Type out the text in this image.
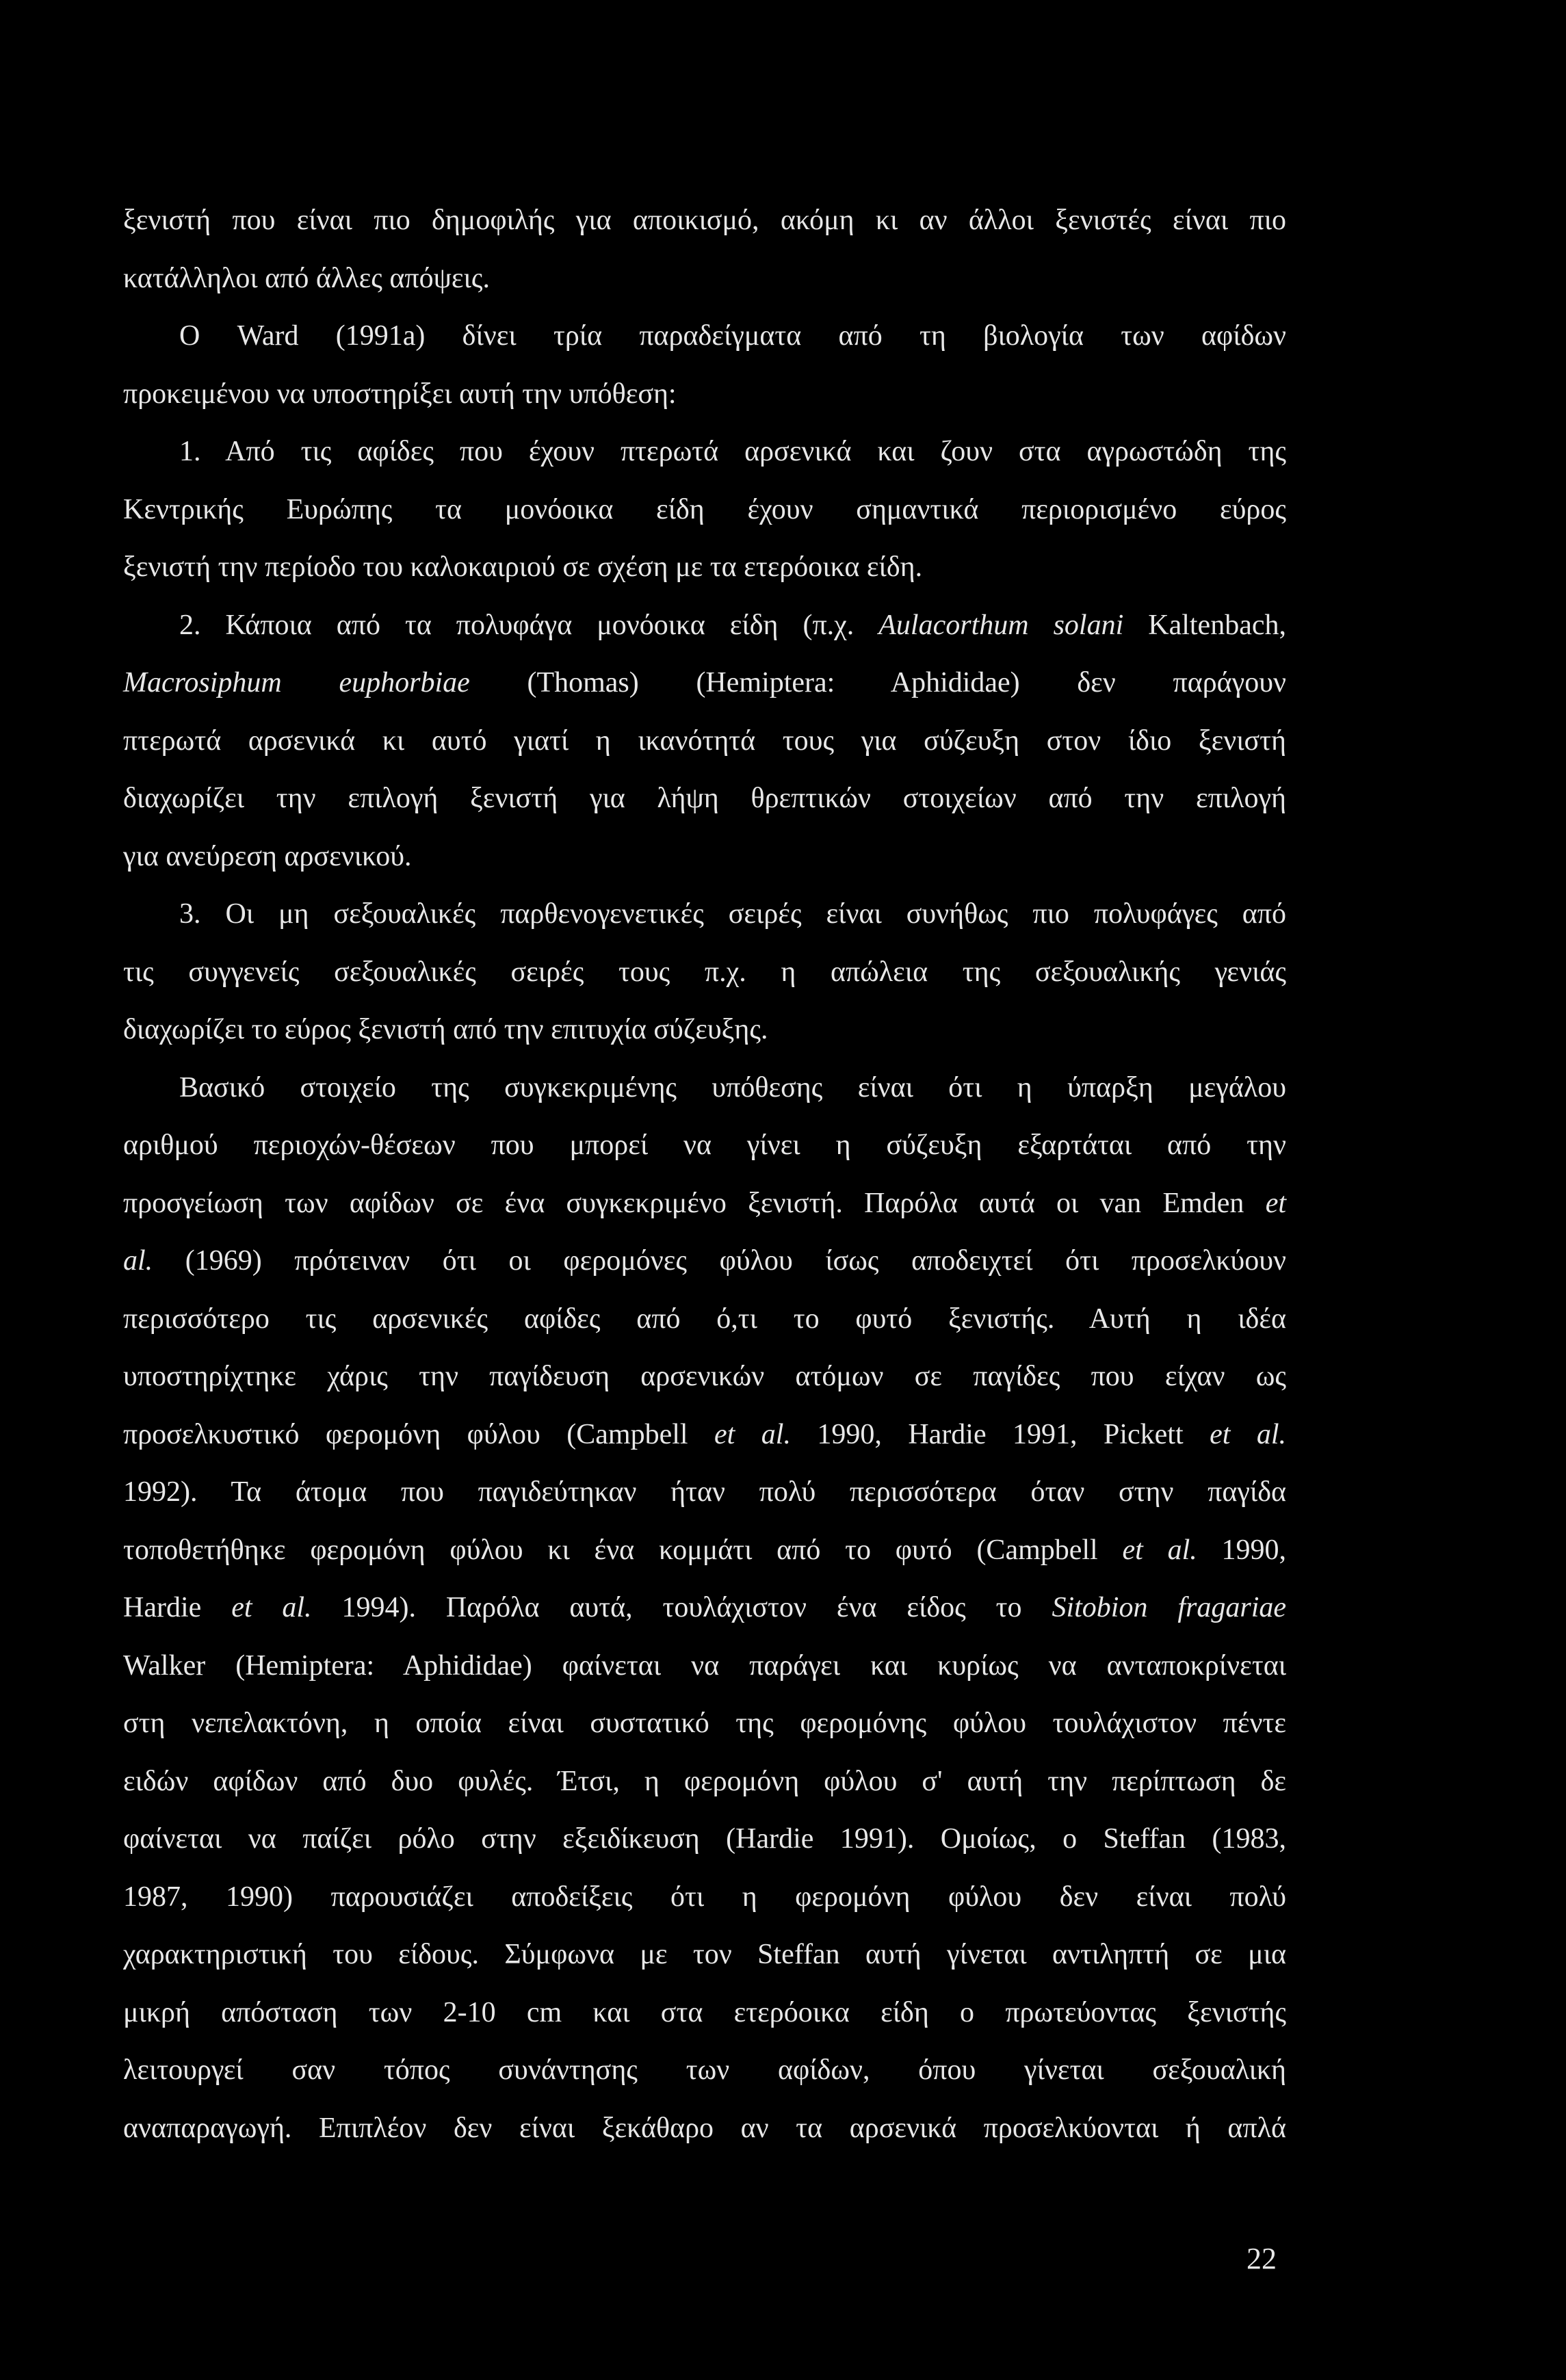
ξενιστή που είναι πιο δημοφιλής για αποικισμό, ακόμη κι αν άλλοι ξενιστές είναι πιο
κατάλληλοι από άλλες απόψεις.
Ο Ward (1991a) δίνει τρία παραδείγματα από τη βιολογία των αφίδων
προκειμένου να υποστηρίξει αυτή την υπόθεση:
1. Από τις αφίδες που έχουν πτερωτά αρσενικά και ζουν στα αγρωστώδη της
Κεντρικής Ευρώπης τα μονόοικα είδη έχουν σημαντικά περιορισμένο εύρος
ξενιστή την περίοδο του καλοκαιριού σε σχέση με τα ετερόοικα είδη.
2. Κάποια από τα πολυφάγα μονόοικα είδη (π.χ. Aulacorthum solani Kaltenbach,
Macrosiphum euphorbiae (Thomas) (Hemiptera: Aphididae) δεν παράγουν
πτερωτά αρσενικά κι αυτό γιατί η ικανότητά τους για σύζευξη στον ίδιο ξενιστή
διαχωρίζει την επιλογή ξενιστή για λήψη θρεπτικών στοιχείων από την επιλογή
για ανεύρεση αρσενικού.
3. Οι μη σεξουαλικές παρθενογενετικές σειρές είναι συνήθως πιο πολυφάγες από
τις συγγενείς σεξουαλικές σειρές τους π.χ. η απώλεια της σεξουαλικής γενιάς
διαχωρίζει το εύρος ξενιστή από την επιτυχία σύζευξης.
Βασικό στοιχείο της συγκεκριμένης υπόθεσης είναι ότι η ύπαρξη μεγάλου
αριθμού περιοχών-θέσεων που μπορεί να γίνει η σύζευξη εξαρτάται από την
προσγείωση των αφίδων σε ένα συγκεκριμένο ξενιστή. Παρόλα αυτά οι van Emden et
al. (1969) πρότειναν ότι οι φερομόνες φύλου ίσως αποδειχτεί ότι προσελκύουν
περισσότερο τις αρσενικές αφίδες από ό,τι το φυτό ξενιστής. Αυτή η ιδέα
υποστηρίχτηκε χάρις την παγίδευση αρσενικών ατόμων σε παγίδες που είχαν ως
προσελκυστικό φερομόνη φύλου (Campbell et al. 1990, Hardie 1991, Pickett et al.
1992). Τα άτομα που παγιδεύτηκαν ήταν πολύ περισσότερα όταν στην παγίδα
τοποθετήθηκε φερομόνη φύλου κι ένα κομμάτι από το φυτό (Campbell et al. 1990,
Hardie et al. 1994). Παρόλα αυτά, τουλάχιστον ένα είδος το Sitobion fragariae
Walker (Hemiptera: Aphididae) φαίνεται να παράγει και κυρίως να ανταποκρίνεται
στη νεπελακτόνη, η οποία είναι συστατικό της φερομόνης φύλου τουλάχιστον πέντε
ειδών αφίδων από δυο φυλές. Έτσι, η φερομόνη φύλου σ' αυτή την περίπτωση δε
φαίνεται να παίζει ρόλο στην εξειδίκευση (Hardie 1991). Ομοίως, ο Steffan (1983,
1987, 1990) παρουσιάζει αποδείξεις ότι η φερομόνη φύλου δεν είναι πολύ
χαρακτηριστική του είδους. Σύμφωνα με τον Steffan αυτή γίνεται αντιληπτή σε μια
μικρή απόσταση των 2-10 cm και στα ετερόοικα είδη ο πρωτεύοντας ξενιστής
λειτουργεί σαν τόπος συνάντησης των αφίδων, όπου γίνεται σεξουαλική
αναπαραγωγή. Επιπλέον δεν είναι ξεκάθαρο αν τα αρσενικά προσελκύονται ή απλά
22
